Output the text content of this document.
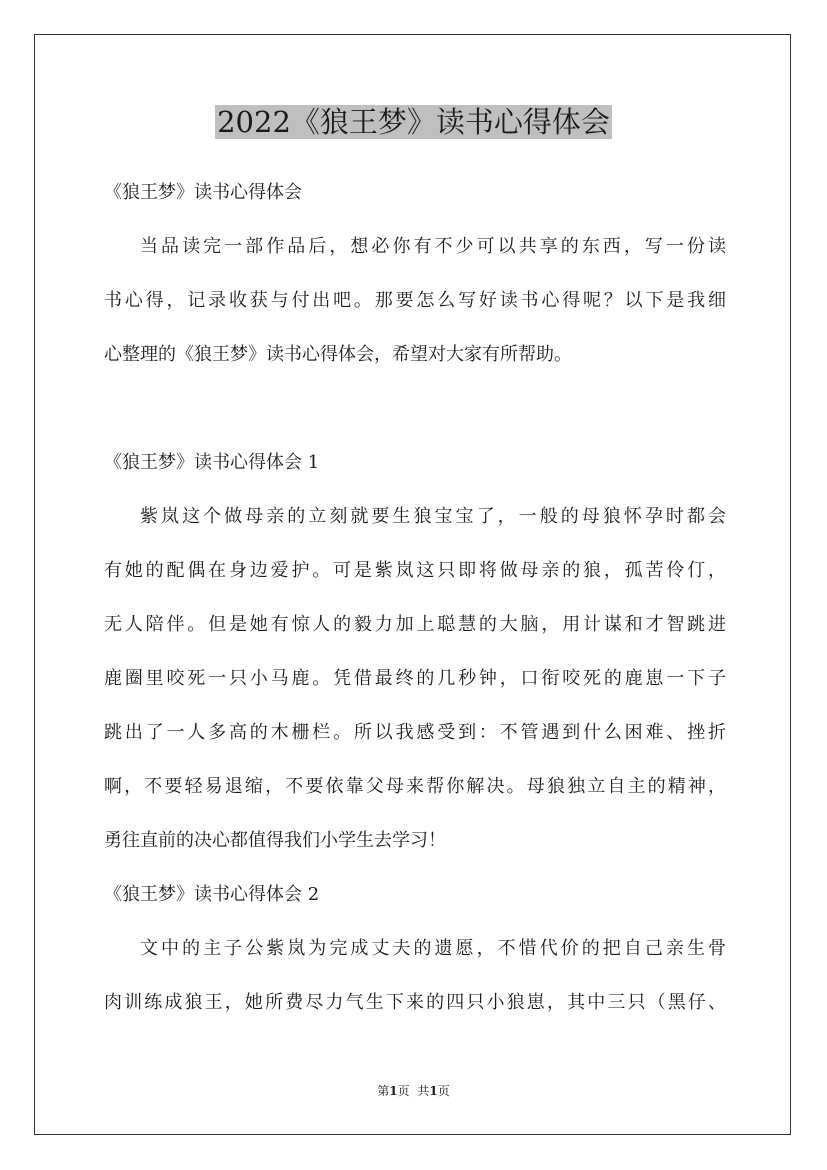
2022《狼王梦》读书心得体会
《狼王梦》读书心得体会
当品读完一部作品后，想必你有不少可以共享的东西，写一份读
书心得，记录收获与付出吧。那要怎么写好读书心得呢？以下是我细
心整理的《狼王梦》读书心得体会，希望对大家有所帮助。
《狼王梦》读书心得体会 1
紫岚这个做母亲的立刻就要生狼宝宝了，一般的母狼怀孕时都会
有她的配偶在身边爱护。可是紫岚这只即将做母亲的狼，孤苦伶仃，
无人陪伴。但是她有惊人的毅力加上聪慧的大脑，用计谋和才智跳进
鹿圈里咬死一只小马鹿。凭借最终的几秒钟，口衔咬死的鹿崽一下子
跳出了一人多高的木栅栏。所以我感受到：不管遇到什么困难、挫折
啊，不要轻易退缩，不要依靠父母来帮你解决。母狼独立自主的精神，
勇往直前的决心都值得我们小学生去学习！
《狼王梦》读书心得体会 2
文中的主子公紫岚为完成丈夫的遗愿，不惜代价的把自己亲生骨
肉训练成狼王，她所费尽力气生下来的四只小狼崽，其中三只（黑仔、
第1页 共1页
